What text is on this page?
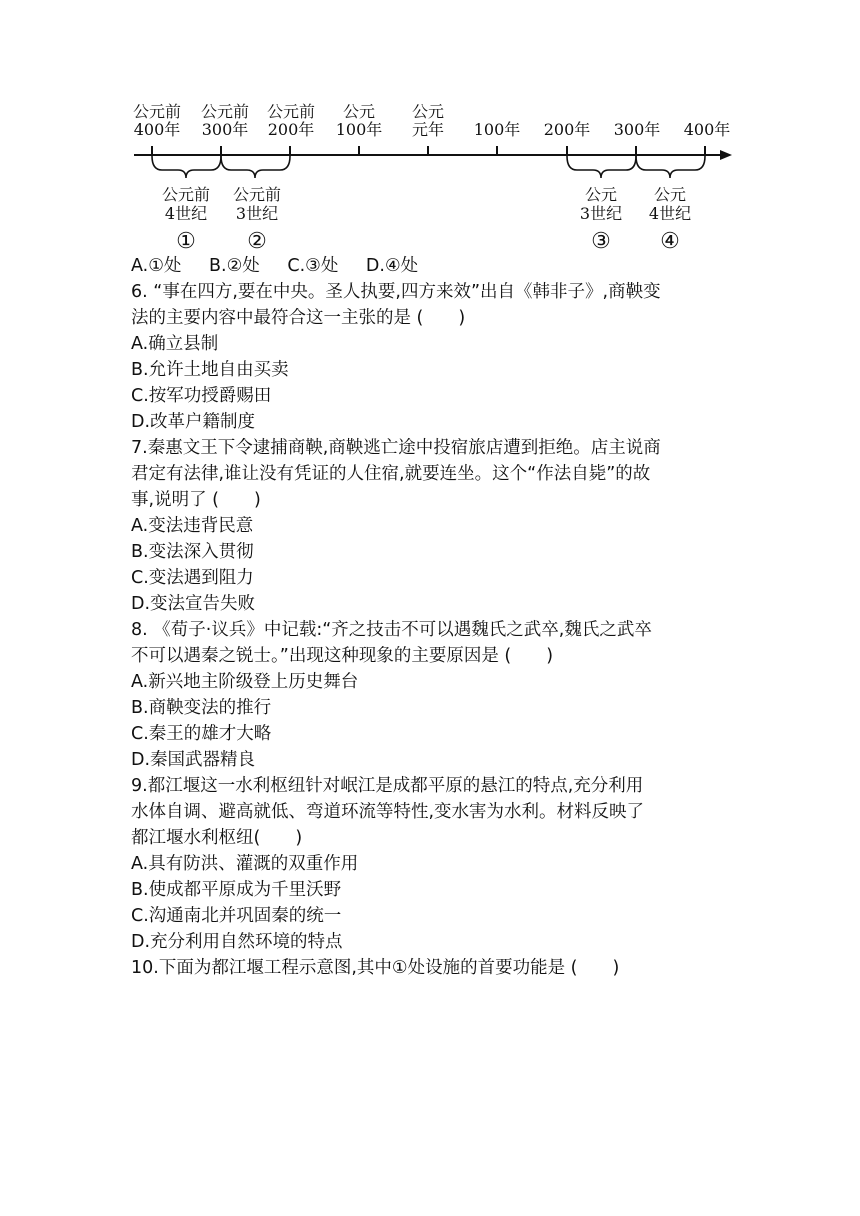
公元前
400年
公元前
300年
公元前
200年
公元
100年
公元
元年 100年 200年 300年 400年
公元前
4世纪
①
公元前
3世纪
②
公元
3世纪
③
公元
4世纪
④
A.①处 B.②处 C.③处 D.④处
6. “事在四方,要在中央。圣人执要,四方来效”出自《韩非子》,商鞅变
法的主要内容中最符合这一主张的是 (　　)
A.确立县制
B.允许土地自由买卖
C.按军功授爵赐田
D.改革户籍制度
7.秦惠文王下令逮捕商鞅,商鞅逃亡途中投宿旅店遭到拒绝。店主说商
君定有法律,谁让没有凭证的人住宿,就要连坐。这个“作法自毙”的故
事,说明了 (　　)
A.变法违背民意
B.变法深入贯彻
C.变法遇到阻力
D.变法宣告失败
8. 《荀子·议兵》中记载:“齐之技击不可以遇魏氏之武卒,魏氏之武卒
不可以遇秦之锐士。”出现这种现象的主要原因是 (　　)
A.新兴地主阶级登上历史舞台
B.商鞅变法的推行
C.秦王的雄才大略
D.秦国武器精良
9.都江堰这一水利枢纽针对岷江是成都平原的悬江的特点,充分利用
水体自调、避高就低、弯道环流等特性,变水害为水利。材料反映了
都江堰水利枢纽(　　)
A.具有防洪、灌溉的双重作用
B.使成都平原成为千里沃野
C.沟通南北并巩固秦的统一
D.充分利用自然环境的特点
10.下面为都江堰工程示意图,其中①处设施的首要功能是 (　　)
